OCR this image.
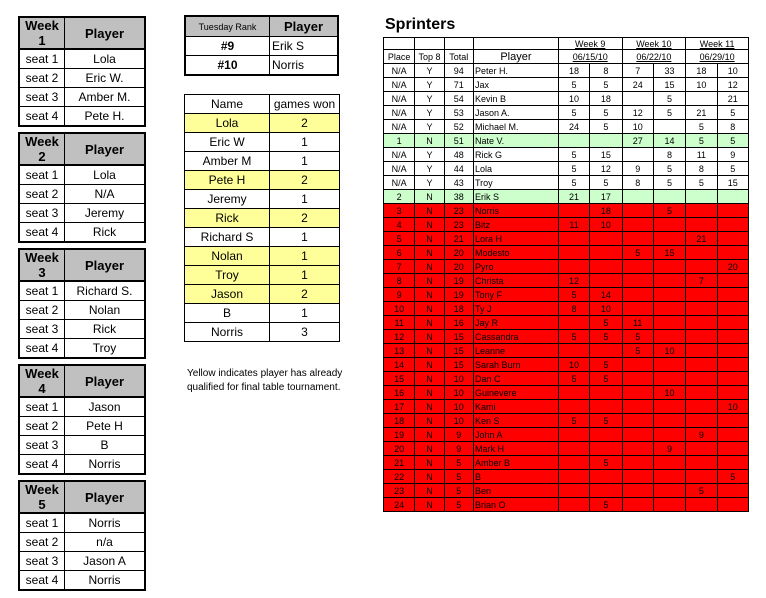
Week 1	Player
seat 1	Lola
seat 2	Eric W.
seat 3	Amber M.
seat 4	Pete H.
Week 2	Player
seat 1	Lola
seat 2	N/A
seat 3	Jeremy
seat 4	Rick
Week 3	Player
seat 1	Richard S.
seat 2	Nolan
seat 3	Rick
seat 4	Troy
Week 4	Player
seat 1	Jason
seat 2	Pete H
seat 3	B
seat 4	Norris
Week 5	Player
seat 1	Norris
seat 2	n/a
seat 3	Jason A
seat 4	Norris
Tuesday Rank	Player
#9	Erik S
#10	Norris
Name	games won
Lola	2
Eric W	1
Amber M	1
Pete H	2
Jeremy	1
Rick	2
Richard S	1
Nolan	1
Troy	1
Jason	2
B	1
Norris	3
Yellow indicates player has already qualified for final table tournament.
Sprinters
				Week 9		Week 10		Week 11	
Place	Top 8	Total	Player	06/15/10		06/22/10		06/29/10	
N/A	Y	94	Peter H.	18	8	7	33	18	10
N/A	Y	71	Jax	5	5	24	15	10	12
N/A	Y	54	Kevin B	10	18		5		21
N/A	Y	53	Jason A.	5	5	12	5	21	5
N/A	Y	52	Michael M.	24	5	10		5	8
1	N	51	Nate V.			27	14	5	5
N/A	Y	48	Rick G	5	15		8	11	9
N/A	Y	44	Lola	5	12	9	5	8	5
N/A	Y	43	Troy	5	5	8	5	5	15
2	N	38	Erik S	21	17				
3	N	23	Norris		18		5		
4	N	23	Bitz	11	10				
5	N	21	Lora H					21	
6	N	20	Modesto			5	15		
7	N	20	Pyro						20
8	N	19	Christa	12				7	
9	N	19	Tony F	5	14				
10	N	18	Ty J	8	10				
11	N	16	Jay R		5	11			
12	N	15	Cassandra	5	5	5			
13	N	15	Leanne			5	10		
14	N	15	Sarah Burn	10	5				
15	N	10	Dan C	5	5				
16	N	10	Guinevere				10		
17	N	10	Kami						10
18	N	10	Ken S	5	5				
19	N	9	John A					9	
20	N	9	Mark H				9		
21	N	5	Amber B		5				
22	N	5	B						5
23	N	5	Ben					5	
24	N	5	Brian O		5				
